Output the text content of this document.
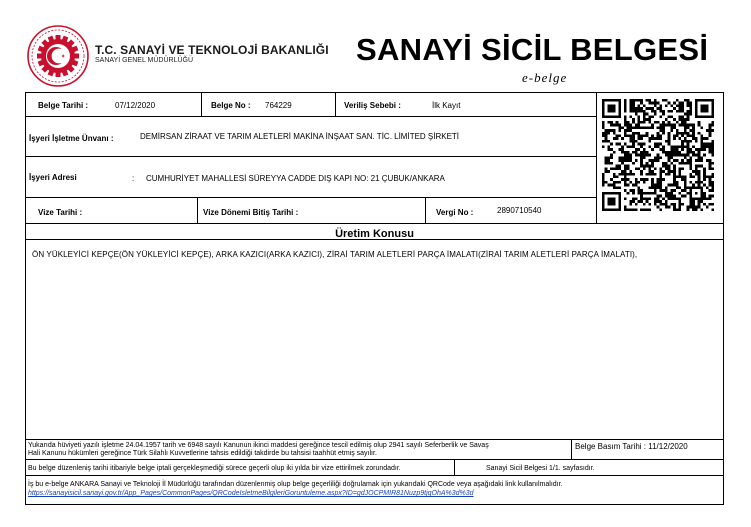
T.C. SANAYİ VE TEKNOLOJİ BAKANLIĞI
SANAYİ GENEL MÜDÜRLÜĞÜ	SANAYİ SİCİL BELGESİ
e-belge
Belge Tarihi :	07/12/2020	Belge No : 764229	Veriliş Sebebi :	İlk Kayıt
İşyeri İşletme Ünvanı :	DEMİRSAN ZİRAAT VE TARIM ALETLERİ MAKİNA İNŞAAT SAN. TİC. LİMİTED ŞİRKETİ
İşyeri Adresi	: CUMHURİYET MAHALLESİ SÜREYYA CADDE DIŞ KAPI NO: 21 ÇUBUK/ANKARA
Vize Tarihi :	Vize Dönemi Bitiş Tarihi :	Vergi No :	2890710540
Üretim Konusu
ÖN YÜKLEYİCİ KEPÇE(ÖN YÜKLEYİCİ KEPÇE), ARKA KAZICI(ARKA KAZICI), ZİRAİ TARIM ALETLERİ PARÇA İMALATI(ZİRAİ TARIM ALETLERİ PARÇA İMALATI),
Yukarıda hüviyeti yazılı işletme 24.04.1957 tarih ve 6948 sayılı Kanunun ikinci maddesi gereğince tescil edilmiş olup 2941 sayılı Seferberlik ve Savaş
Hali Kanunu hükümleri gereğince Türk Silahlı Kuvvetlerine tahsis edildiği takdirde bu tahsisi taahhüt etmiş sayılır.
Belge Basım Tarihi : 11/12/2020
Bu belge düzenleniş tarihi itibariyle belge iptali gerçekleşmediği sürece geçerli olup iki yılda bir vize ettirilmek zorundadır.	Sanayi Sicil Belgesi 1/1. sayfasıdır.
İş bu e-belge ANKARA Sanayi ve Teknoloji İl Müdürlüğü tarafından düzenlenmiş olup belge geçerliliği doğrulamak için yukarıdaki QRCode veya aşağıdaki link kullanılmalıdır.
https://sanayisicil.sanayi.gov.tr/App_Pages/CommonPages/QRCodeIsletmeBilgileriGoruntuleme.aspx?ID=gdJOCPMIR81Nuzp9tjqOhA%3d%3d
